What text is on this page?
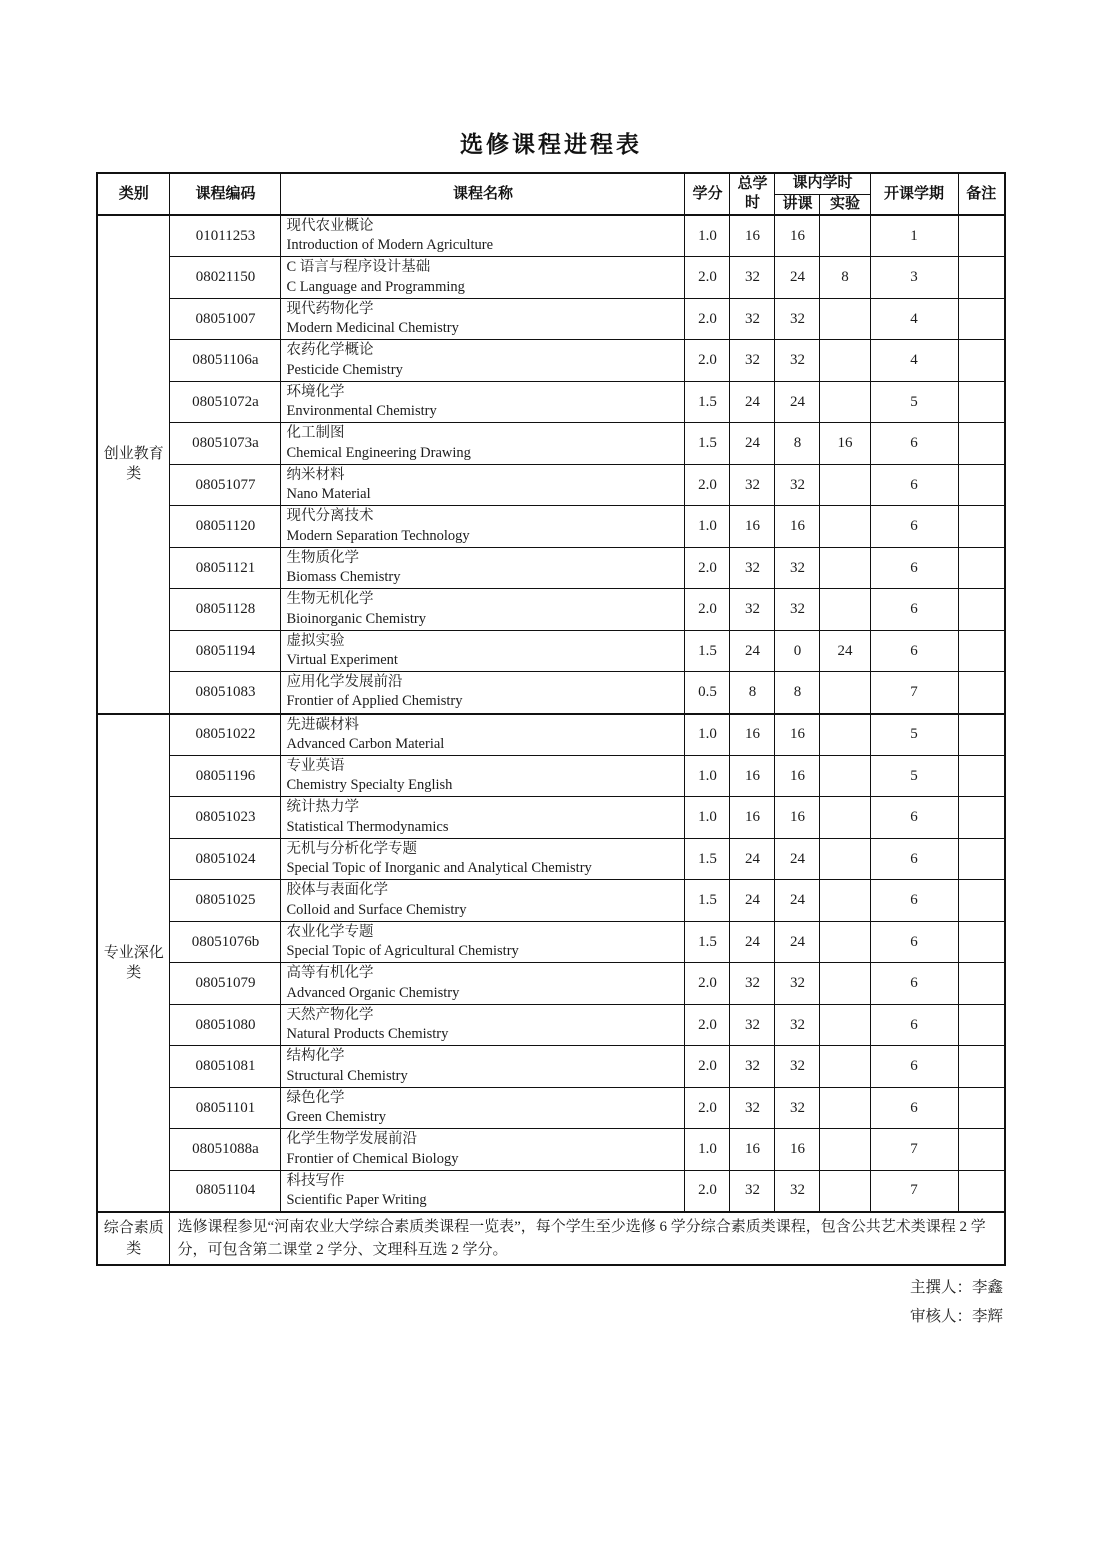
选修课程进程表
类别	课程编码	课程名称	学分	总学时	课内学时		开课学期	备注
					讲课	实验		
创业教育类	01011253	现代农业概论
Introduction of Modern Agriculture	1.0	16	16		1	
	08021150	C 语言与程序设计基础
C Language and Programming	2.0	32	24	8	3	
	08051007	现代药物化学
Modern Medicinal Chemistry	2.0	32	32		4	
	08051106a	农药化学概论
Pesticide Chemistry	2.0	32	32		4	
	08051072a	环境化学
Environmental Chemistry	1.5	24	24		5	
	08051073a	化工制图
Chemical Engineering Drawing	1.5	24	8	16	6	
	08051077	纳米材料
Nano Material	2.0	32	32		6	
	08051120	现代分离技术
Modern Separation Technology	1.0	16	16		6	
	08051121	生物质化学
Biomass Chemistry	2.0	32	32		6	
	08051128	生物无机化学
Bioinorganic Chemistry	2.0	32	32		6	
	08051194	虚拟实验
Virtual Experiment	1.5	24	0	24	6	
	08051083	应用化学发展前沿
Frontier of Applied Chemistry	0.5	8	8		7	
专业深化类	08051022	先进碳材料
Advanced Carbon Material	1.0	16	16		5	
	08051196	专业英语
Chemistry Specialty English	1.0	16	16		5	
	08051023	统计热力学
Statistical Thermodynamics	1.0	16	16		6	
	08051024	无机与分析化学专题
Special Topic of Inorganic and Analytical Chemistry	1.5	24	24		6	
	08051025	胶体与表面化学
Colloid and Surface Chemistry	1.5	24	24		6	
	08051076b	农业化学专题
Special Topic of Agricultural Chemistry	1.5	24	24		6	
	08051079	高等有机化学
Advanced Organic Chemistry	2.0	32	32		6	
	08051080	天然产物化学
Natural Products Chemistry	2.0	32	32		6	
	08051081	结构化学
Structural Chemistry	2.0	32	32		6	
	08051101	绿色化学
Green Chemistry	2.0	32	32		6	
	08051088a	化学生物学发展前沿
Frontier of Chemical Biology	1.0	16	16		7	
	08051104	科技写作
Scientific Paper Writing	2.0	32	32		7	
综合素质类	选修课程参见“河南农业大学综合素质类课程一览表”，每个学生至少选修 6 学分综合素质类课程，包含公共艺术类课程 2 学 分，可包含第二课堂 2 学分、文理科互选 2 学分。							
主撰人：李鑫
审核人：李辉
